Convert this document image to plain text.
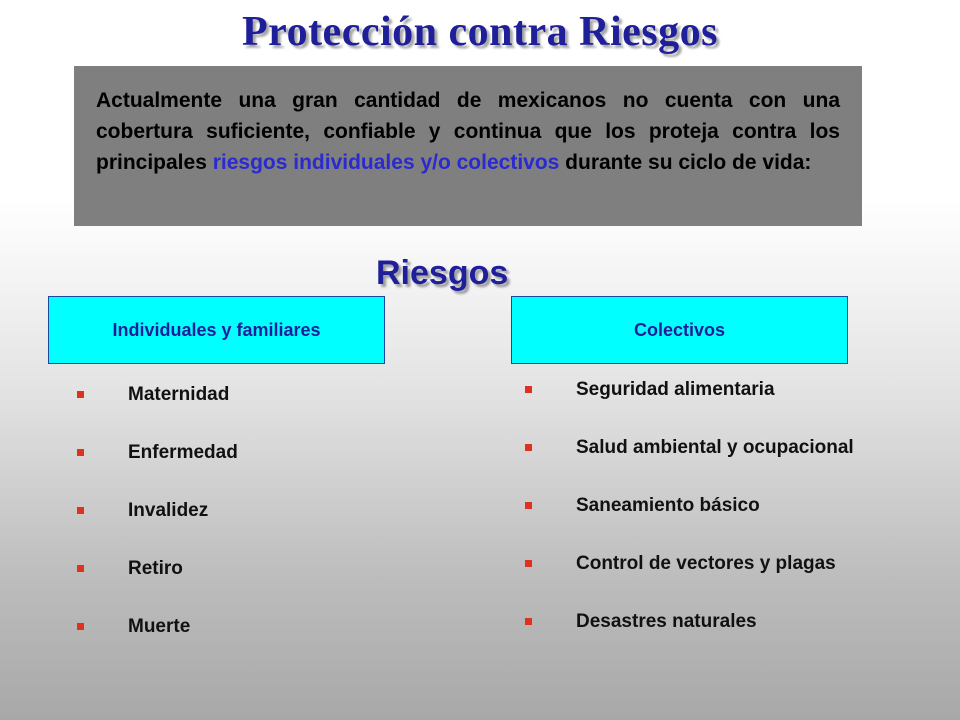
Protección contra Riesgos

Actualmente una gran cantidad de mexicanos no cuenta con una cobertura suficiente, confiable y continua que los proteja contra los principales riesgos individuales y/o colectivos durante su ciclo de vida:

Riesgos
Individuales y familiares	Colectivos
Maternidad
Enfermedad
Invalidez
Retiro
Muerte
Seguridad alimentaria
Salud ambiental y ocupacional
Saneamiento básico
Control de vectores y plagas
Desastres naturales
